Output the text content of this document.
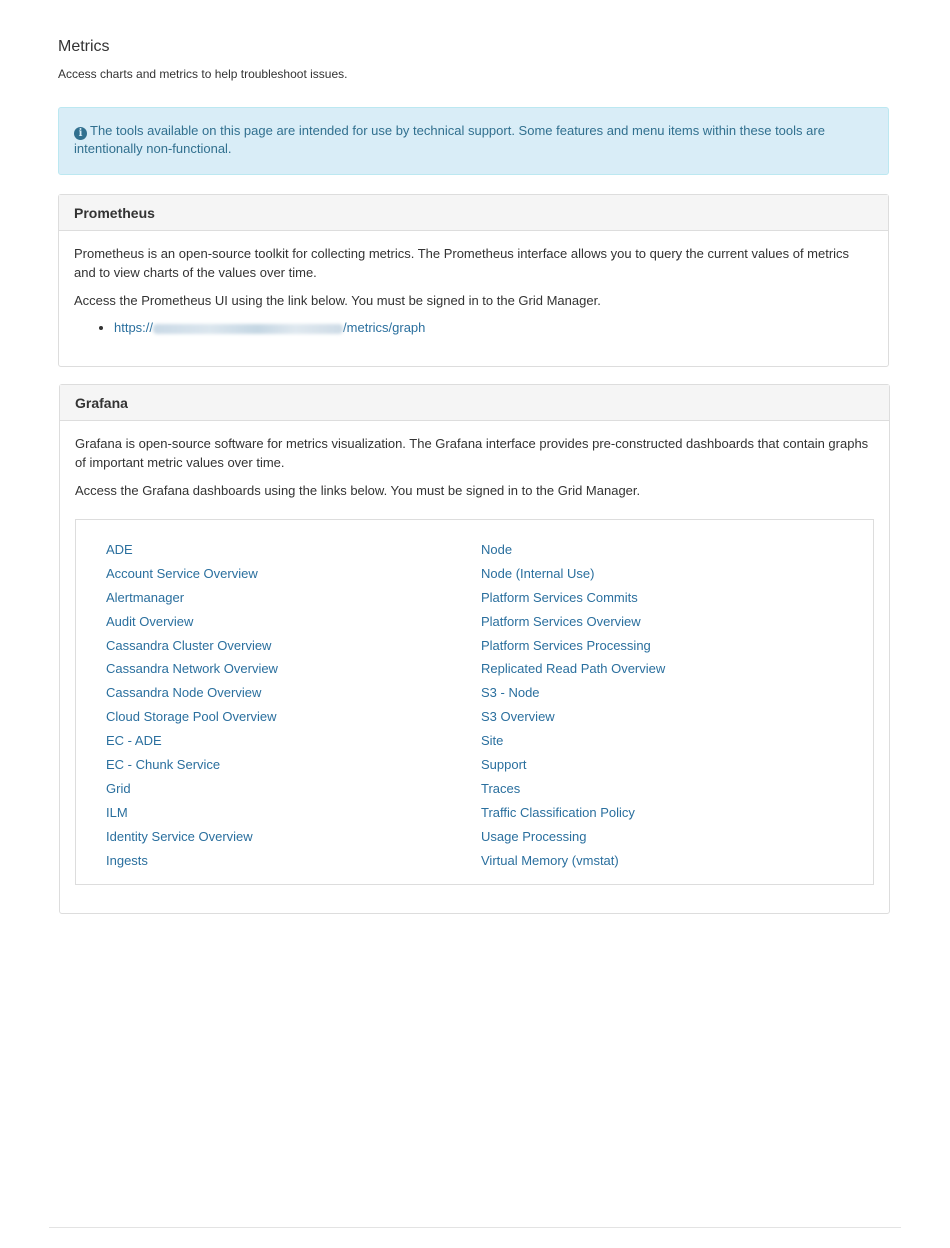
Metrics
Access charts and metrics to help troubleshoot issues.
i The tools available on this page are intended for use by technical support. Some features and menu items within these tools are intentionally non-functional.
Prometheus

Prometheus is an open-source toolkit for collecting metrics. The Prometheus interface allows you to query the current values of metrics and to view charts of the values over time.

Access the Prometheus UI using the link below. You must be signed in to the Grid Manager.

• https://	/metrics/graph
Grafana

Grafana is open-source software for metrics visualization. The Grafana interface provides pre-constructed dashboards that contain graphs of important metric values over time.

Access the Grafana dashboards using the links below. You must be signed in to the Grid Manager.

ADE
Account Service Overview
Alertmanager
Audit Overview
Cassandra Cluster Overview
Cassandra Network Overview
Cassandra Node Overview
Cloud Storage Pool Overview
EC - ADE
EC - Chunk Service
Grid
ILM
Identity Service Overview
Ingests
Node
Node (Internal Use)
Platform Services Commits
Platform Services Overview
Platform Services Processing
Replicated Read Path Overview
S3 - Node
S3 Overview
Site
Support
Traces
Traffic Classification Policy
Usage Processing
Virtual Memory (vmstat)
